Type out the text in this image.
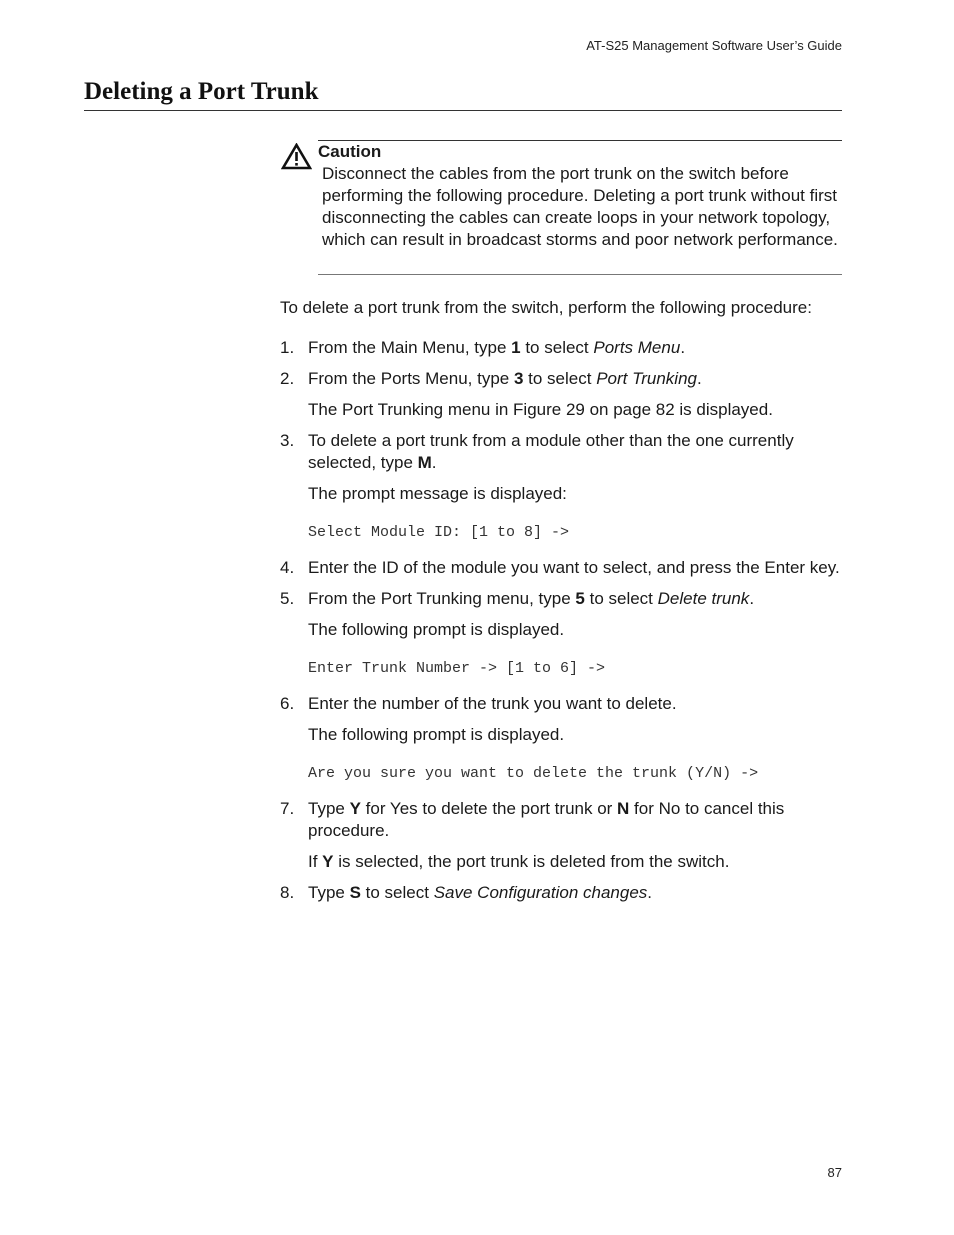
AT-S25 Management Software User’s Guide
Deleting a Port Trunk
Caution
Disconnect the cables from the port trunk on the switch before performing the following procedure. Deleting a port trunk without first disconnecting the cables can create loops in your network topology, which can result in broadcast storms and poor network performance.

To delete a port trunk from the switch, perform the following procedure:

1. From the Main Menu, type 1 to select Ports Menu.
2. From the Ports Menu, type 3 to select Port Trunking.

The Port Trunking menu in Figure 29 on page 82 is displayed.

3. To delete a port trunk from a module other than the one currently selected, type M.

The prompt message is displayed:

Select Module ID: [1 to 8] ->
4. Enter the ID of the module you want to select, and press the Enter key.
5. From the Port Trunking menu, type 5 to select Delete trunk.

The following prompt is displayed.

Enter Trunk Number -> [1 to 6] ->
6. Enter the number of the trunk you want to delete.

The following prompt is displayed.

Are you sure you want to delete the trunk (Y/N) ->
7. Type Y for Yes to delete the port trunk or N for No to cancel this procedure.

If Y is selected, the port trunk is deleted from the switch.

8. Type S to select Save Configuration changes.
87
